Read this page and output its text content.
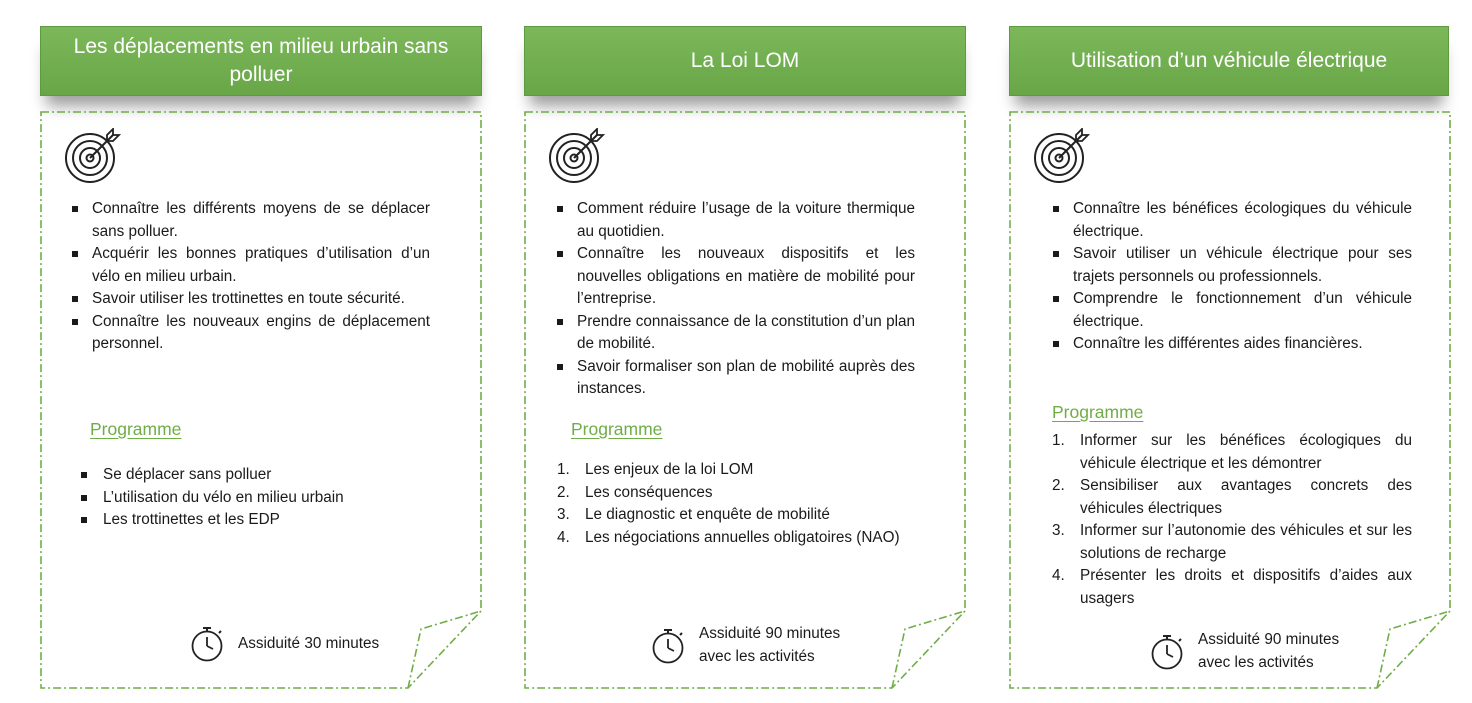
Les déplacements en milieu urbain sans polluer
Connaître les différents moyens de se déplacer sans polluer.
Acquérir les bonnes pratiques d’utilisation d’un vélo en milieu urbain.
Savoir utiliser les trottinettes en toute sécurité.
Connaître les nouveaux engins de déplacement personnel.
Programme
Se déplacer sans polluer
L’utilisation du vélo en milieu urbain
Les trottinettes et les EDP
Assiduité 30 minutes
La Loi LOM
Comment réduire l’usage de la voiture thermique au quotidien.
Connaître les nouveaux dispositifs et les nouvelles obligations en matière de mobilité pour l’entreprise.
Prendre connaissance de la constitution d’un plan de mobilité.
Savoir formaliser son plan de mobilité auprès des instances.
Programme
1. Les enjeux de la loi LOM
2. Les conséquences
3. Le diagnostic et enquête de mobilité
4. Les négociations annuelles obligatoires (NAO)
Assiduité 90 minutes
avec les activités
Utilisation d’un véhicule électrique
Connaître les bénéfices écologiques du véhicule électrique.
Savoir utiliser un véhicule électrique pour ses trajets personnels ou professionnels.
Comprendre le fonctionnement d’un véhicule électrique.
Connaître les différentes aides financières.
Programme
1. Informer sur les bénéfices écologiques du véhicule électrique et les démontrer
2. Sensibiliser aux avantages concrets des véhicules électriques
3. Informer sur l’autonomie des véhicules et sur les solutions de recharge
4. Présenter les droits et dispositifs d’aides aux usagers
Assiduité 90 minutes
avec les activités
